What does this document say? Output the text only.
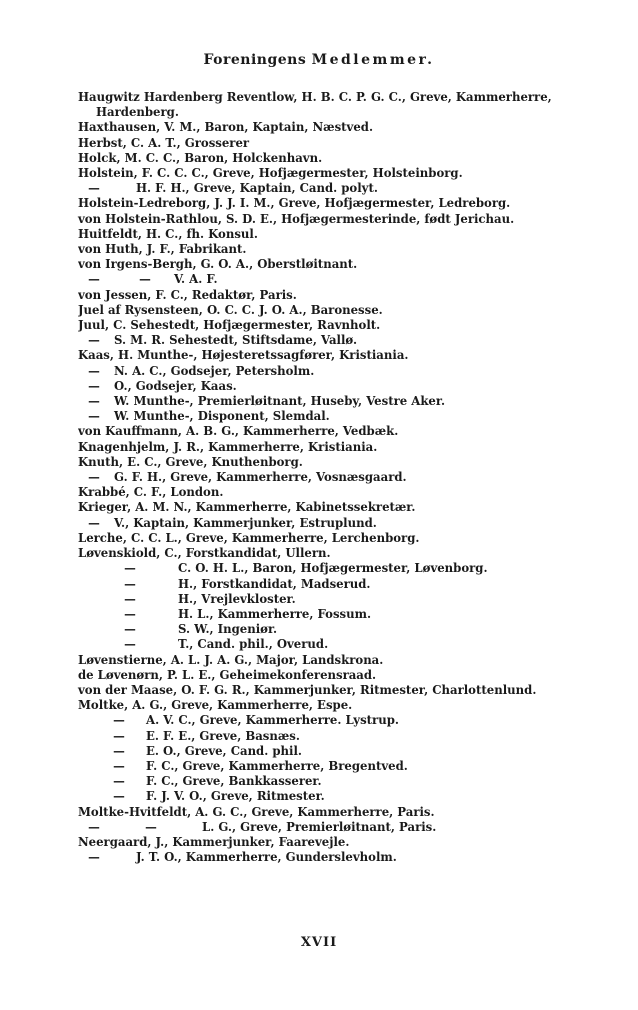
Foreningens Medlemmer.
Haugwitz Hardenberg Reventlow, H. B. C. P. G. C., Greve, Kammerherre, Hardenberg.
Haxthausen, V. M., Baron, Kaptain, Næstved.
Herbst, C. A. T., Grosserer
Holck, M. C. C., Baron, Holckenhavn.
Holstein, F. C. C. C., Greve, Hofjægermester, Holsteinborg.
—	H. F. H., Greve, Kaptain, Cand. polyt.
Holstein-Ledreborg, J. J. I. M., Greve, Hofjægermester, Ledreborg.
von Holstein-Rathlou, S. D. E., Hofjægermesterinde, født Jerichau.
Huitfeldt, H. C., fh. Konsul.
von Huth, J. F., Fabrikant.
von Irgens-Bergh, G. O. A., Oberstløitnant.
—	— V. A. F.
von Jessen, F. C., Redaktør, Paris.
Juel af Rysensteen, O. C. C. J. O. A., Baronesse.
Juul, C. Sehestedt, Hofjægermester, Ravnholt.
— S. M. R. Sehestedt, Stiftsdame, Vallø.
Kaas, H. Munthe-, Højesteretssagfører, Kristiania.
— N. A. C., Godsejer, Petersholm.
— O., Godsejer, Kaas.
— W. Munthe-, Premierløitnant, Huseby, Vestre Aker.
— W. Munthe-, Disponent, Slemdal.
von Kauffmann, A. B. G., Kammerherre, Vedbæk.
Knagenhjelm, J. R., Kammerherre, Kristiania.
Knuth, E. C., Greve, Knuthenborg.
— G. F. H., Greve, Kammerherre, Vosnæsgaard.
Krabbé, C. F., London.
Krieger, A. M. N., Kammerherre, Kabinetssekretær.
— V., Kaptain, Kammerjunker, Estruplund.
Lerche, C. C. L., Greve, Kammerherre, Lerchenborg.
Løvenskiold, C., Forstkandidat, Ullern.
—	C. O. H. L., Baron, Hofjægermester, Løvenborg.
—	H., Forstkandidat, Madserud.
—	H., Vrejlevkloster.
—	H. L., Kammerherre, Fossum.
—	S. W., Ingeniør.
—	T., Cand. phil., Overud.
Løvenstierne, A. L. J. A. G., Major, Landskrona.
de Løvenørn, P. L. E., Geheimekonferensraad.
von der Maase, O. F. G. R., Kammerjunker, Ritmester, Charlottenlund.
Moltke, A. G., Greve, Kammerherre, Espe.
— A. V. C., Greve, Kammerherre. Lystrup.
— E. F. E., Greve, Basnæs.
— E. O., Greve, Cand. phil.
— F. C., Greve, Kammerherre, Bregentved.
— F. C., Greve, Bankkasserer.
— F. J. V. O., Greve, Ritmester.
Moltke-Hvitfeldt, A. G. C., Greve, Kammerherre, Paris.
—	—	L. G., Greve, Premierløitnant, Paris.
Neergaard, J., Kammerjunker, Faarevejle.
—	J. T. O., Kammerherre, Gunderslevholm.
XVII
